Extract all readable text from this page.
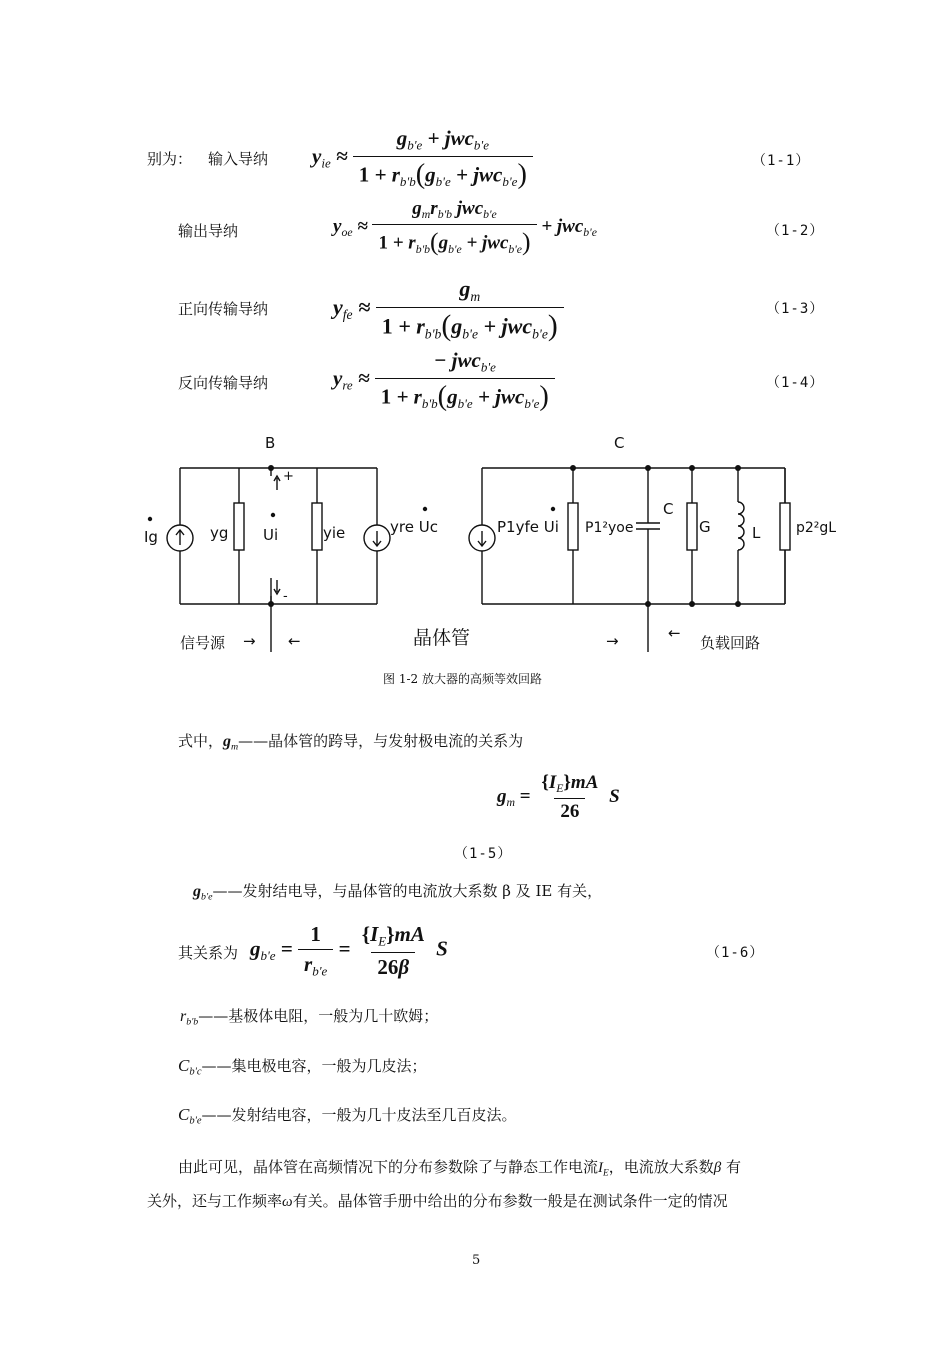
别为： 输入导纳 $y_{ie} \approx \frac{g_{b'e} + jwc_{b'e}}{1 + r_{b'b}(g_{b'e} + jwc_{b'e})}$	（1-1）
输出导纳	$y_{oe} \approx \frac{g_mr_{b'b} jwc_{b'e}}{1 + r_{b'b}(g_{b'e} + jwc_{b'e})} + jwc_{b'e}$	（1-2）
正向传输导纳	$y_{fe} \approx \frac{g_m}{1 + r_{b'b}(g_{b'e} + jwc_{b'e})}$	（1-3）
反向传输导纳	$y_{re} \approx \frac{- jwc_{b'e}}{1 + r_{b'b}(g_{b'e} + jwc_{b'e})}$	（1-4）
B	C
+
-
Ig	yg Ui	yie	yre Uc	P1yfe Ui P1²yoe
C
G	L	p2²gL
信号源 → ←	晶体管	→	←
负载回路
图 1-2 放大器的高频等效回路
式中，$g_m——$晶体管的跨导，与发射极电流的关系为
$g_m = \frac{\{I_E\}mA}{26}$ S
（1-5）
$g_{b'e}——$发射结电导，与晶体管的电流放大系数 β 及 IE 有关，
其关系为 $g_{b'e} = \frac{1}{r_{b'e}} = \frac{\{I_E\}mA}{26\beta}$ S	（1-6）
$r_{b'b}——$基极体电阻，一般为几十欧姆；
$C_{b'c}——$集电极电容，一般为几皮法；
$C_{b'e}——$发射结电容，一般为几十皮法至几百皮法。
由此可见，晶体管在高频情况下的分布参数除了与静态工作电流$I_E$，电流放大系数β 有
关外，还与工作频率ω有关。晶体管手册中给出的分布参数一般是在测试条件一定的情况
5
